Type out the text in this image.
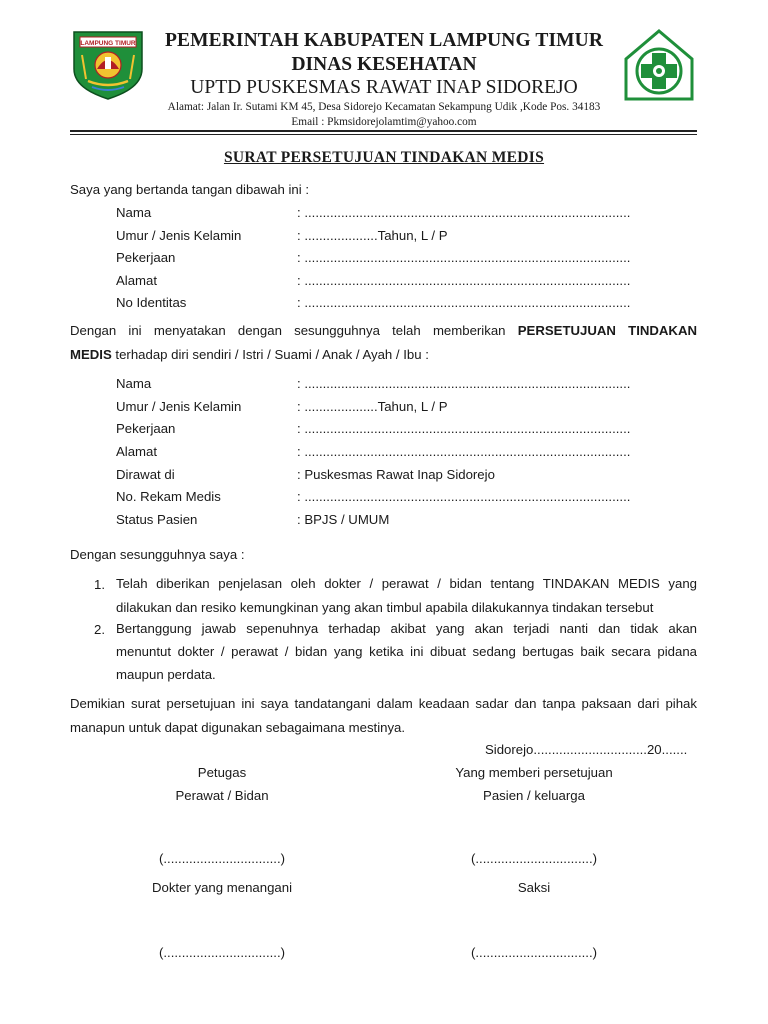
LAMPUNG TIMUR	PEMERINTAH KABUPATEN LAMPUNG TIMUR
DINAS KESEHATAN
UPTD PUSKESMAS RAWAT INAP SIDOREJO
Alamat: Jalan Ir. Sutami KM 45, Desa Sidorejo Kecamatan Sekampung Udik ,Kode Pos. 34183
Email : Pkmsidorejolamtim@yahoo.com
SURAT PERSETUJUAN TINDAKAN MEDIS
Saya yang bertanda tangan dibawah ini :
Nama	: .........................................................................................
Umur / Jenis Kelamin	: ....................Tahun, L / P
Pekerjaan	: .........................................................................................
Alamat	: .........................................................................................
No Identitas	: .........................................................................................
Dengan ini menyatakan dengan sesungguhnya telah memberikan PERSETUJUAN TINDAKAN
MEDIS terhadap diri sendiri / Istri / Suami / Anak / Ayah / Ibu :
Nama	: .........................................................................................
Umur / Jenis Kelamin	: ....................Tahun, L / P
Pekerjaan	: .........................................................................................
Alamat	: .........................................................................................
Dirawat di	: Puskesmas Rawat Inap Sidorejo
No. Rekam Medis	: .........................................................................................
Status Pasien	: BPJS / UMUM
Dengan sesungguhnya saya :
1. Telah diberikan penjelasan oleh dokter / perawat / bidan tentang TINDAKAN MEDIS yang
dilakukan dan resiko kemungkinan yang akan timbul apabila dilakukannya tindakan tersebut
2. Bertanggung jawab sepenuhnya terhadap akibat yang akan terjadi nanti dan tidak akan
menuntut dokter / perawat / bidan yang ketika ini dibuat sedang bertugas baik secara pidana
maupun perdata.
Demikian surat persetujuan ini saya tandatangani dalam keadaan sadar dan tanpa paksaan dari pihak
manapun untuk dapat digunakan sebagaimana mestinya.
Sidorejo...............................20.......
Petugas	Yang memberi persetujuan
Perawat / Bidan	Pasien / keluarga
(................................)	(................................)
Dokter yang menangani	Saksi
(................................)	(................................)
